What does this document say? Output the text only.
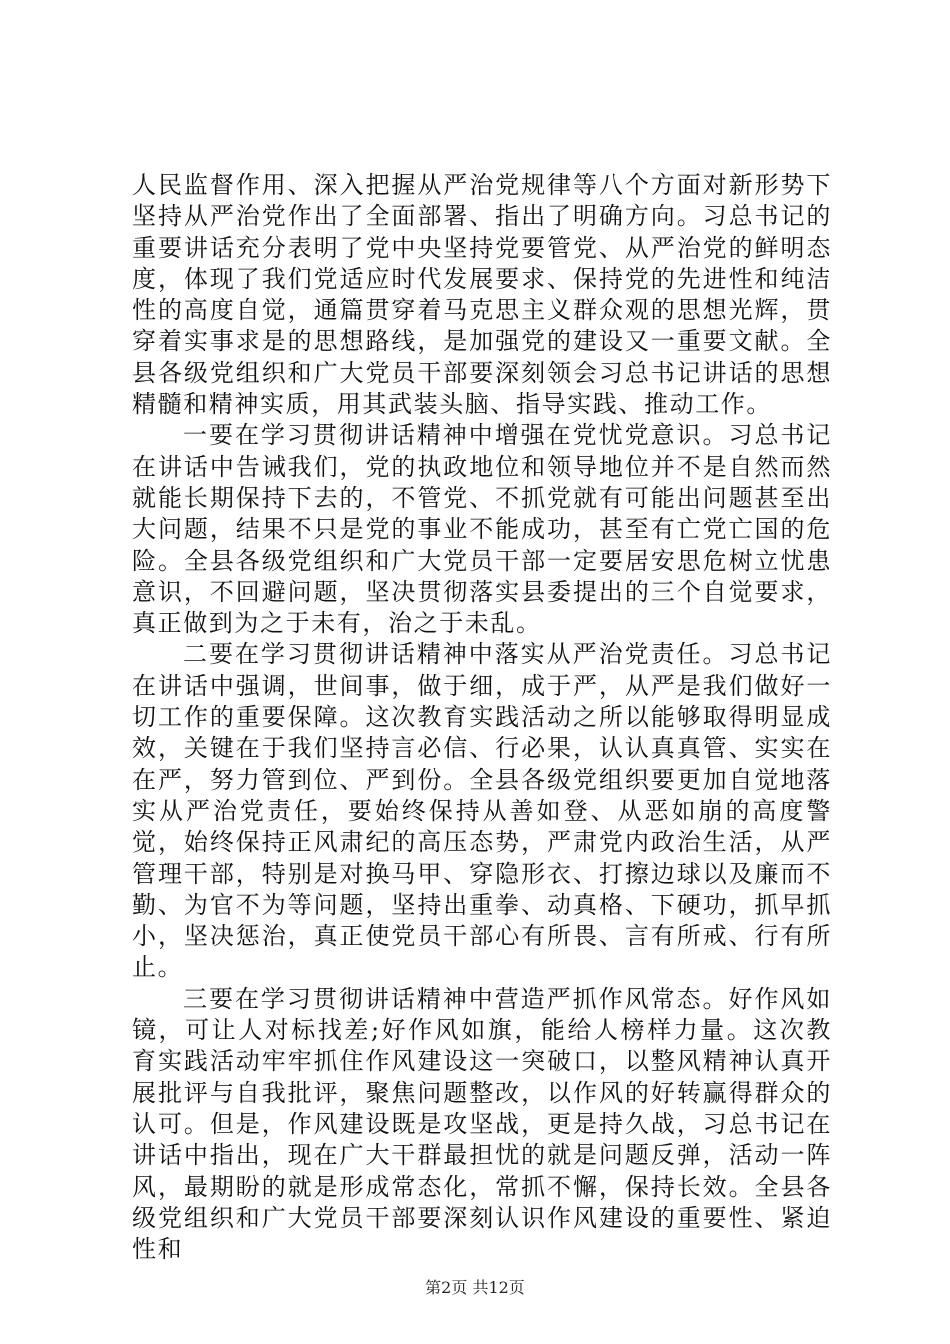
人民监督作用、深入把握从严治党规律等八个方面对新形势下坚持从严治党作出了全面部署、指出了明确方向。习总书记的重要讲话充分表明了党中央坚持党要管党、从严治党的鲜明态度，体现了我们党适应时代发展要求、保持党的先进性和纯洁性的高度自觉，通篇贯穿着马克思主义群众观的思想光辉，贯穿着实事求是的思想路线，是加强党的建设又一重要文献。全县各级党组织和广大党员干部要深刻领会习总书记讲话的思想精髓和精神实质，用其武装头脑、指导实践、推动工作。

一要在学习贯彻讲话精神中增强在党忧党意识。习总书记在讲话中告诫我们，党的执政地位和领导地位并不是自然而然就能长期保持下去的，不管党、不抓党就有可能出问题甚至出大问题，结果不只是党的事业不能成功，甚至有亡党亡国的危险。全县各级党组织和广大党员干部一定要居安思危树立忧患意识，不回避问题，坚决贯彻落实县委提出的三个自觉要求，真正做到为之于未有，治之于未乱。

二要在学习贯彻讲话精神中落实从严治党责任。习总书记在讲话中强调，世间事，做于细，成于严，从严是我们做好一切工作的重要保障。这次教育实践活动之所以能够取得明显成效，关键在于我们坚持言必信、行必果，认认真真管、实实在在严，努力管到位、严到份。全县各级党组织要更加自觉地落实从严治党责任，要始终保持从善如登、从恶如崩的高度警觉，始终保持正风肃纪的高压态势，严肃党内政治生活，从严管理干部，特别是对换马甲、穿隐形衣、打擦边球以及廉而不勤、为官不为等问题，坚持出重拳、动真格、下硬功，抓早抓小，坚决惩治，真正使党员干部心有所畏、言有所戒、行有所止。

三要在学习贯彻讲话精神中营造严抓作风常态。好作风如镜，可让人对标找差;好作风如旗，能给人榜样力量。这次教育实践活动牢牢抓住作风建设这一突破口，以整风精神认真开展批评与自我批评，聚焦问题整改，以作风的好转赢得群众的认可。但是，作风建设既是攻坚战，更是持久战，习总书记在讲话中指出，现在广大干群最担忧的就是问题反弹，活动一阵风，最期盼的就是形成常态化，常抓不懈，保持长效。全县各级党组织和广大党员干部要深刻认识作风建设的重要性、紧迫性和

第2页 共12页
